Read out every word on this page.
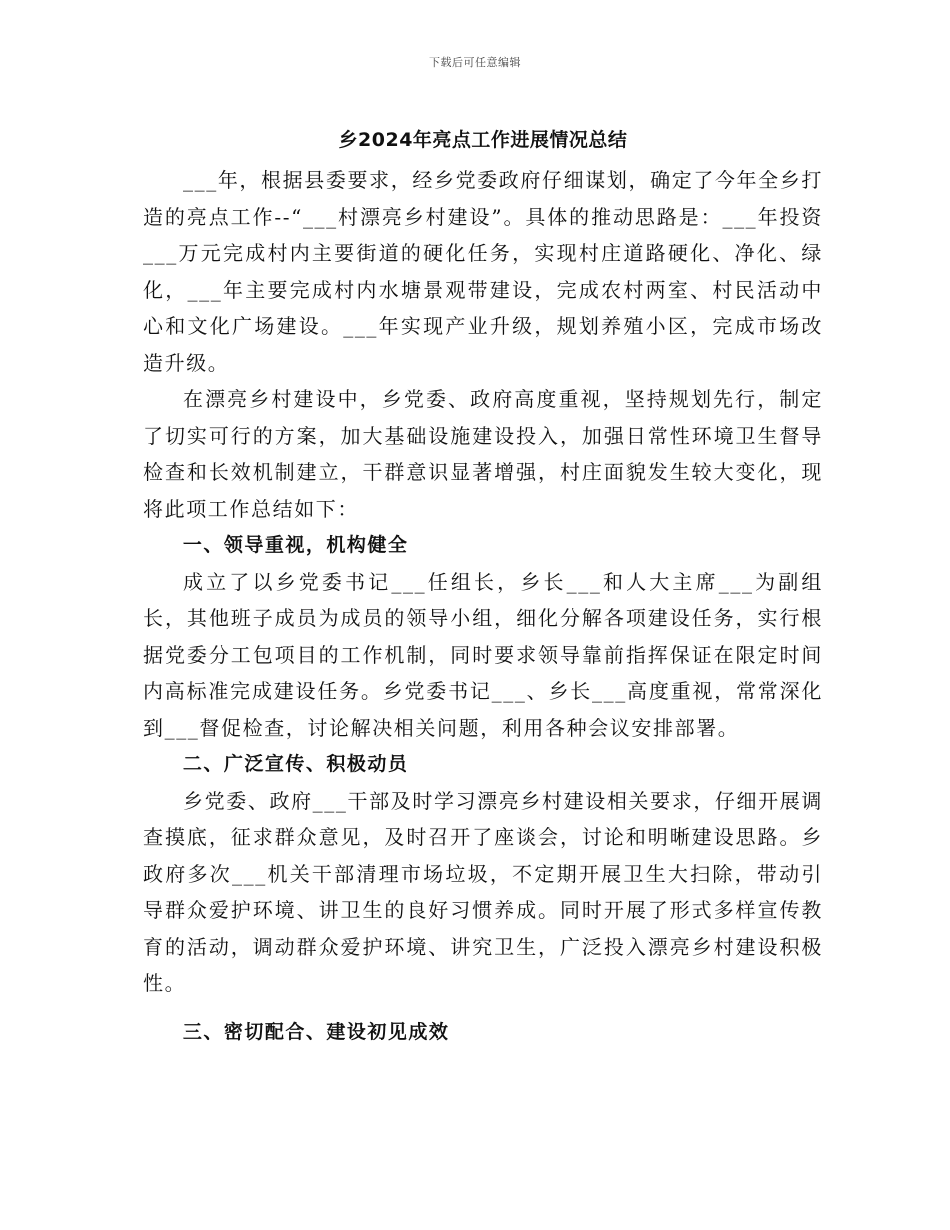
下载后可任意编辑
乡2024年亮点工作进展情况总结

___年，根据县委要求，经乡党委政府仔细谋划，确定了今年全乡打造的亮点工作--“___村漂亮乡村建设”。具体的推动思路是：___年投资___万元完成村内主要街道的硬化任务，实现村庄道路硬化、净化、绿化，___年主要完成村内水塘景观带建设，完成农村两室、村民活动中心和文化广场建设。___年实现产业升级，规划养殖小区，完成市场改造升级。

在漂亮乡村建设中，乡党委、政府高度重视，坚持规划先行，制定了切实可行的方案，加大基础设施建设投入，加强日常性环境卫生督导检查和长效机制建立，干群意识显著增强，村庄面貌发生较大变化，现将此项工作总结如下：

一、领导重视，机构健全

成立了以乡党委书记___任组长，乡长___和人大主席___为副组长，其他班子成员为成员的领导小组，细化分解各项建设任务，实行根据党委分工包项目的工作机制，同时要求领导靠前指挥保证在限定时间内高标准完成建设任务。乡党委书记___、乡长___高度重视，常常深化到___督促检查，讨论解决相关问题，利用各种会议安排部署。

二、广泛宣传、积极动员

乡党委、政府___干部及时学习漂亮乡村建设相关要求，仔细开展调查摸底，征求群众意见，及时召开了座谈会，讨论和明晰建设思路。乡政府多次___机关干部清理市场垃圾，不定期开展卫生大扫除，带动引导群众爱护环境、讲卫生的良好习惯养成。同时开展了形式多样宣传教育的活动，调动群众爱护环境、讲究卫生，广泛投入漂亮乡村建设积极性。

三、密切配合、建设初见成效
